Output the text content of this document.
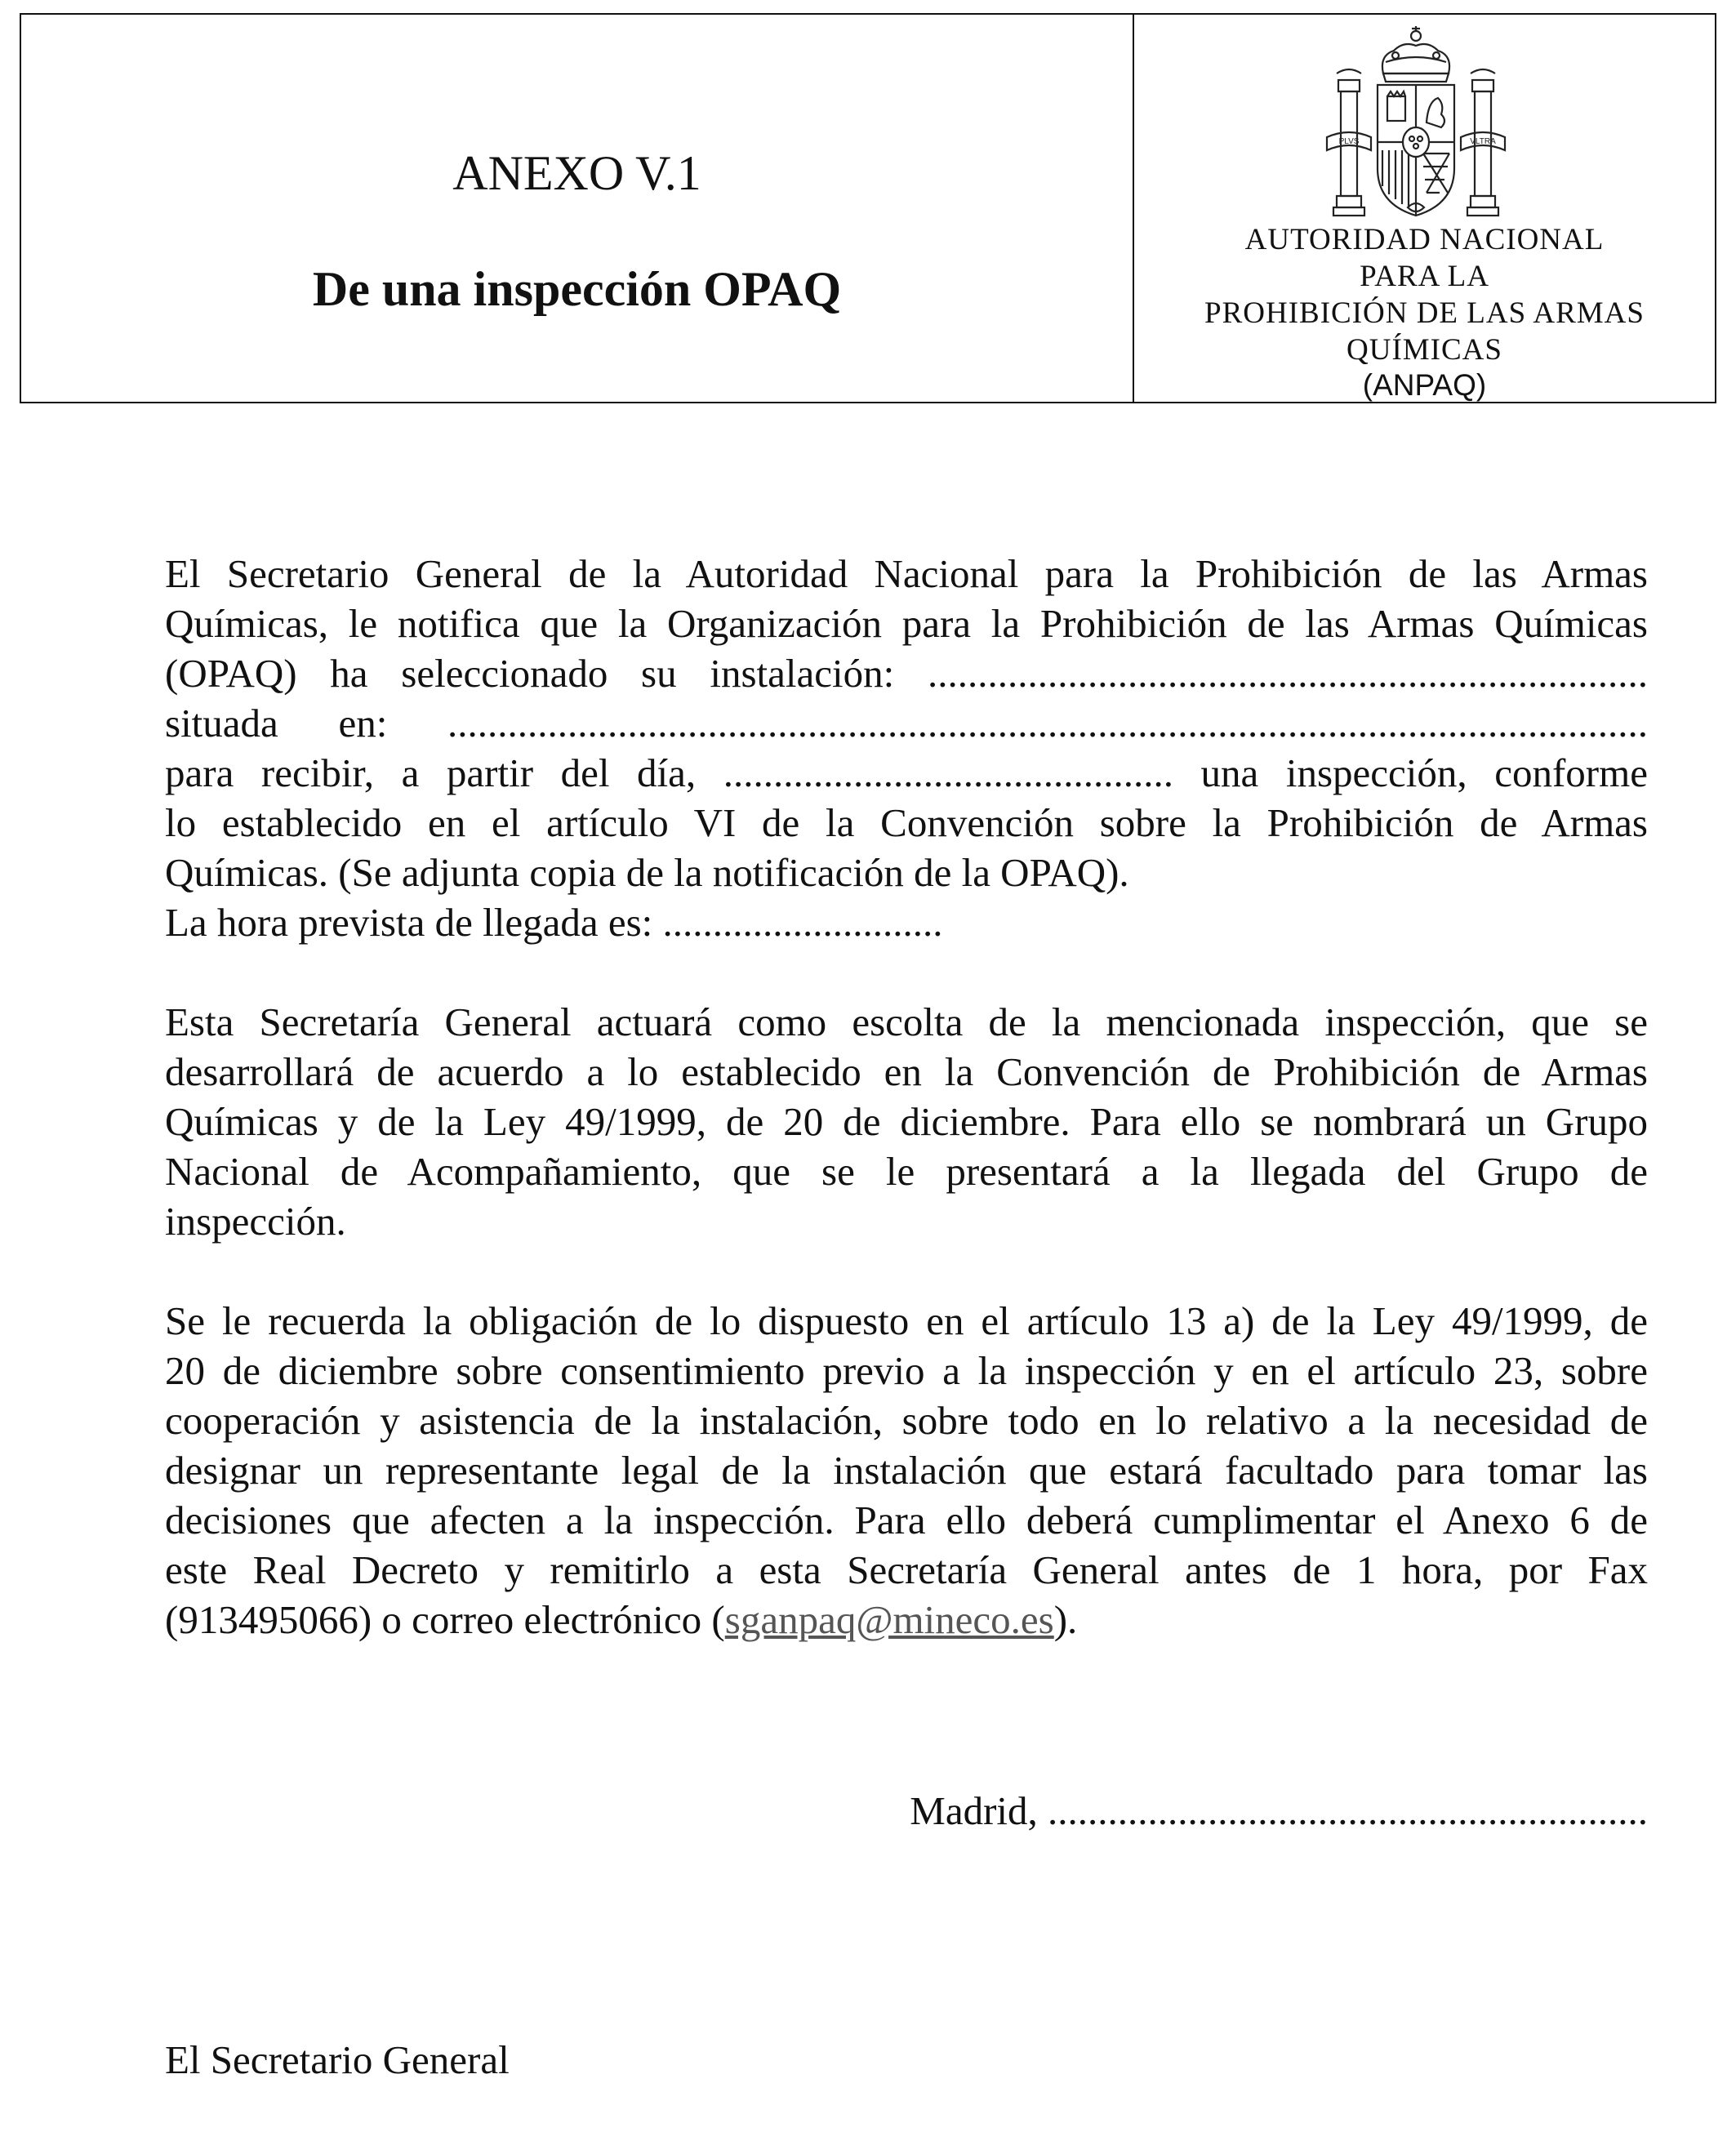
ANEXO V.1
De una inspección OPAQ
PLVS	VLTRA
AUTORIDAD NACIONAL
PARA LA
PROHIBICIÓN DE LAS ARMAS
QUÍMICAS
(ANPAQ)

El Secretario General de la Autoridad Nacional para la Prohibición de las Armas
Químicas, le notifica que la Organización para la Prohibición de las Armas Químicas
(OPAQ) ha seleccionado su instalación: ........................................................................
situada en: ........................................................................................................................
para recibir, a partir del día, ............................................. una inspección, conforme
lo establecido en el artículo VI de la Convención sobre la Prohibición de Armas
Químicas. (Se adjunta copia de la notificación de la OPAQ).
La hora prevista de llegada es: ............................

Esta Secretaría General actuará como escolta de la mencionada inspección, que se
desarrollará de acuerdo a lo establecido en la Convención de Prohibición de Armas
Químicas y de la Ley 49/1999, de 20 de diciembre. Para ello se nombrará un Grupo
Nacional de Acompañamiento, que se le presentará a la llegada del Grupo de
inspección.

Se le recuerda la obligación de lo dispuesto en el artículo 13 a) de la Ley 49/1999, de
20 de diciembre sobre consentimiento previo a la inspección y en el artículo 23, sobre
cooperación y asistencia de la instalación, sobre todo en lo relativo a la necesidad de
designar un representante legal de la instalación que estará facultado para tomar las
decisiones que afecten a la inspección. Para ello deberá cumplimentar el Anexo 6 de
este Real Decreto y remitirlo a esta Secretaría General antes de 1 hora, por Fax
(913495066) o correo electrónico (sganpaq@mineco.es).

Madrid, ............................................................
El Secretario General
